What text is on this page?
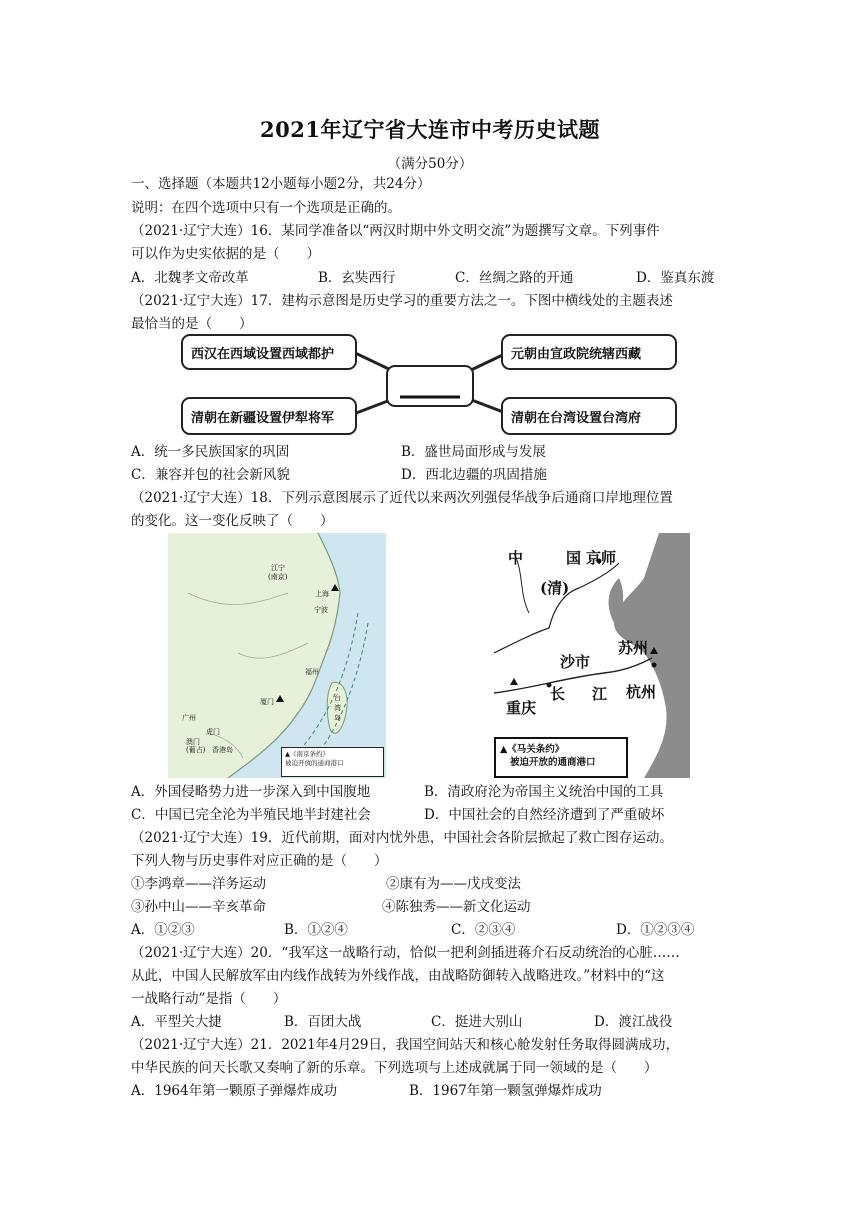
2021年辽宁省大连市中考历史试题
（满分50分）
一、选择题（本题共12小题每小题2分，共24分）
说明：在四个选项中只有一个选项是正确的。
（2021·辽宁大连）16．某同学准备以“两汉时期中外文明交流”为题撰写文章。下列事件
可以作为史实依据的是（　　）
A．北魏孝文帝改革	B．玄奘西行	C．丝绸之路的开通	D．鉴真东渡
（2021·辽宁大连）17．建构示意图是历史学习的重要方法之一。下图中横线处的主题表述
最恰当的是（　　）
西汉在西域设置西域都护	元朝由宣政院统辖西藏
清朝在新疆设置伊犁将军	清朝在台湾设置台湾府
A．统一多民族国家的巩固	B．盛世局面形成与发展
C．兼容并包的社会新风貌	D．西北边疆的巩固措施
（2021·辽宁大连）18．下列示意图展示了近代以来两次列强侵华战争后通商口岸地理位置
的变化。这一变化反映了（　　）
江宁
(南京)
上海
宁波
福州
厦门
广州
虎门
澳门
(葡占) 香港岛
台
湾
岛
▲《南京条约》
被迫开放的通商港口
中	国 京师
(清)
苏州
沙市
长 江 杭州
重庆
▲《马关条约》
被迫开放的通商港口
A．外国侵略势力进一步深入到中国腹地	B．清政府沦为帝国主义统治中国的工具
C．中国已完全沦为半殖民地半封建社会	D．中国社会的自然经济遭到了严重破坏
（2021·辽宁大连）19．近代前期，面对内忧外患，中国社会各阶层掀起了救亡图存运动。
下列人物与历史事件对应正确的是（　　）
①李鸿章——洋务运动	②康有为——戊戌变法
③孙中山——辛亥革命	④陈独秀——新文化运动
A．①②③	B．①②④	C．②③④	D．①②③④
（2021·辽宁大连）20．“我军这一战略行动，恰似一把利剑插进蒋介石反动统治的心脏……
从此，中国人民解放军由内线作战转为外线作战，由战略防御转入战略进攻。”材料中的“这
一战略行动”是指（　　）
A．平型关大捷	B．百团大战	C．挺进大别山	D．渡江战役
（2021·辽宁大连）21．2021年4月29日，我国空间站天和核心舱发射任务取得圆满成功，
中华民族的问天长歌又奏响了新的乐章。下列选项与上述成就属于同一领域的是（　　）
A．1964年第一颗原子弹爆炸成功	B．1967年第一颗氢弹爆炸成功
